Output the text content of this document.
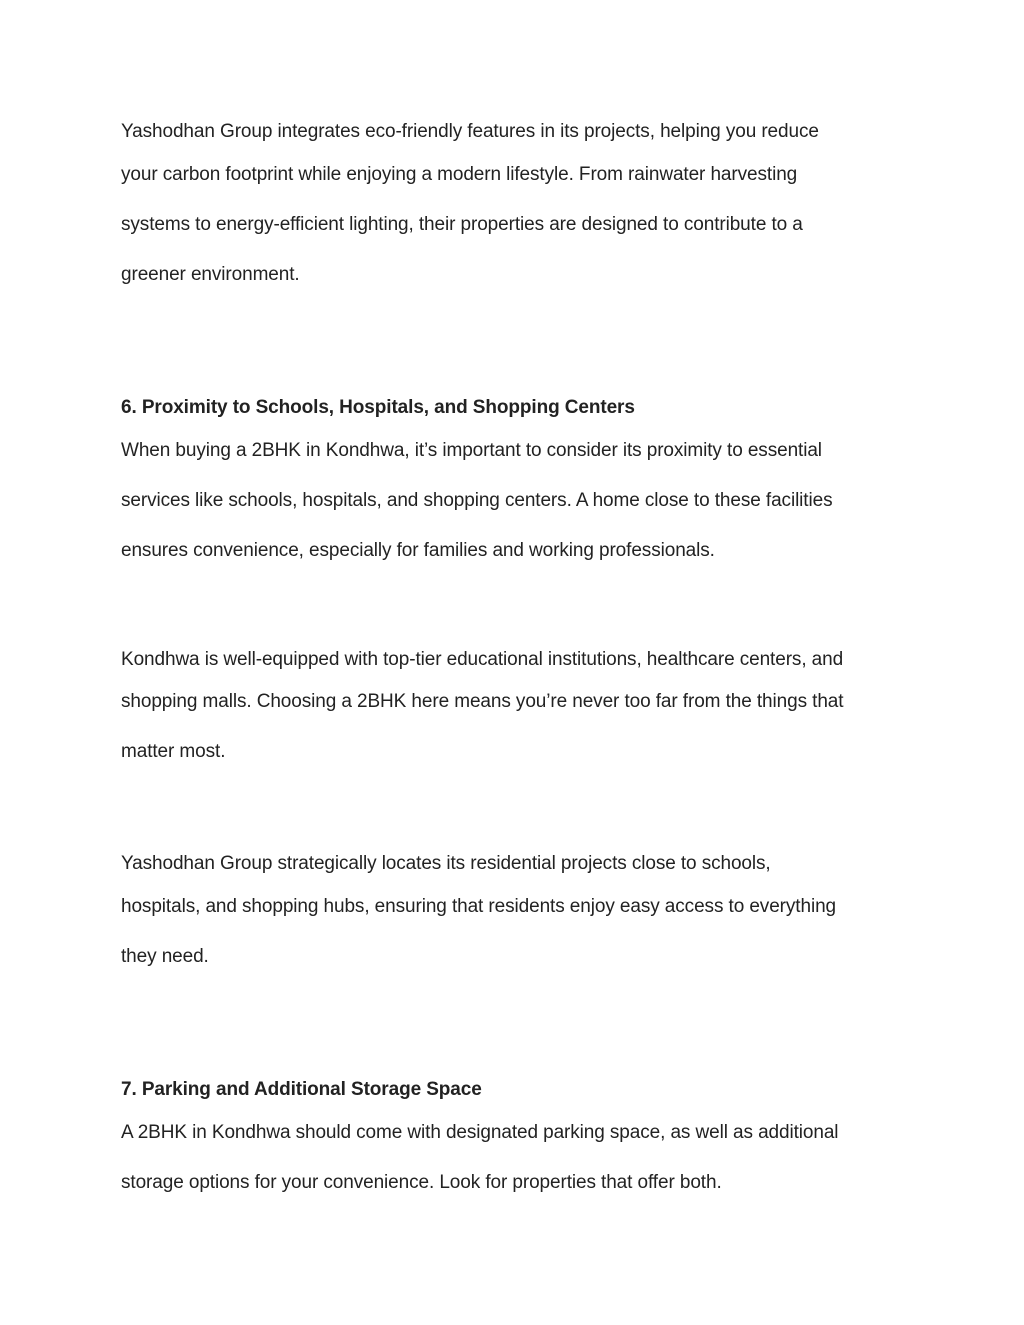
Yashodhan Group integrates eco-friendly features in its projects, helping you reduce
your carbon footprint while enjoying a modern lifestyle. From rainwater harvesting
systems to energy-efficient lighting, their properties are designed to contribute to a
greener environment.
6. Proximity to Schools, Hospitals, and Shopping Centers
When buying a 2BHK in Kondhwa, it’s important to consider its proximity to essential
services like schools, hospitals, and shopping centers. A home close to these facilities
ensures convenience, especially for families and working professionals.
Kondhwa is well-equipped with top-tier educational institutions, healthcare centers, and
shopping malls. Choosing a 2BHK here means you’re never too far from the things that
matter most.
Yashodhan Group strategically locates its residential projects close to schools,
hospitals, and shopping hubs, ensuring that residents enjoy easy access to everything
they need.
7. Parking and Additional Storage Space
A 2BHK in Kondhwa should come with designated parking space, as well as additional
storage options for your convenience. Look for properties that offer both.
